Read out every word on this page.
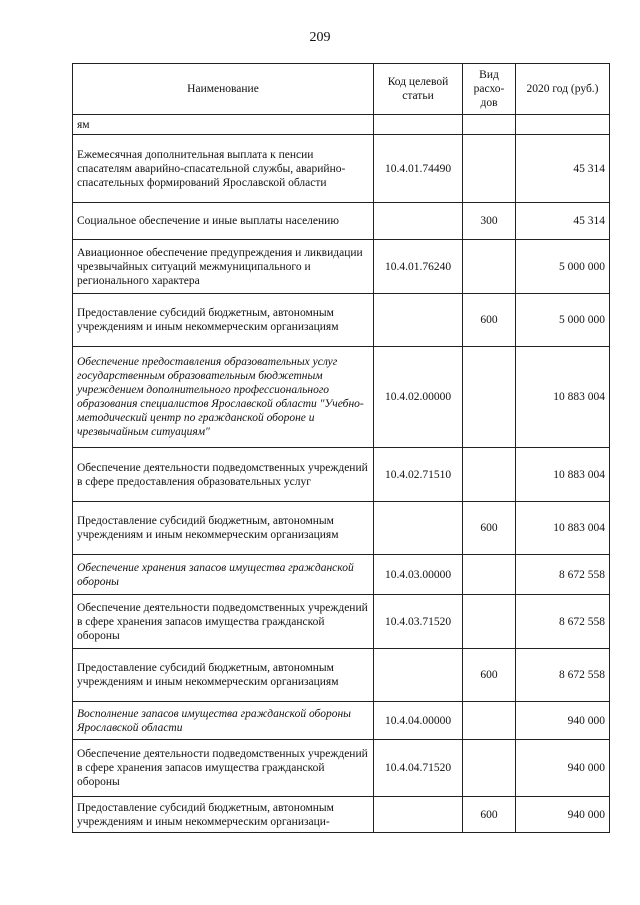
209
Наименование	Код целевой статьи	Вид расхо-дов	2020 год (руб.)
ям			
Ежемесячная дополнительная выплата к пенсии спасателям аварийно-спасательной службы, аварийно-спасательных формирований Ярославской области	10.4.01.74490		45 314
Социальное обеспечение и иные выплаты населению		300	45 314
Авиационное обеспечение предупреждения и ликвидации чрезвычайных ситуаций межмуниципального и регионального характера	10.4.01.76240		5 000 000
Предоставление субсидий бюджетным, автономным учреждениям и иным некоммерческим организациям		600	5 000 000
Обеспечение предоставления образовательных услуг государственным образовательным бюджетным учреждением дополнительного профессионального образования специалистов Ярославской области "Учебно-методический центр по гражданской обороне и чрезвычайным ситуациям"	10.4.02.00000		10 883 004
Обеспечение деятельности подведомственных учреждений в сфере предоставления образовательных услуг	10.4.02.71510		10 883 004
Предоставление субсидий бюджетным, автономным учреждениям и иным некоммерческим организациям		600	10 883 004
Обеспечение хранения запасов имущества гражданской обороны	10.4.03.00000		8 672 558
Обеспечение деятельности подведомственных учреждений в сфере хранения запасов имущества гражданской обороны	10.4.03.71520		8 672 558
Предоставление субсидий бюджетным, автономным учреждениям и иным некоммерческим организациям		600	8 672 558
Восполнение запасов имущества гражданской обороны Ярославской области	10.4.04.00000		940 000
Обеспечение деятельности подведомственных учреждений в сфере хранения запасов имущества гражданской обороны	10.4.04.71520		940 000
Предоставление субсидий бюджетным, автономным учреждениям и иным некоммерческим организаци-		600	940 000
